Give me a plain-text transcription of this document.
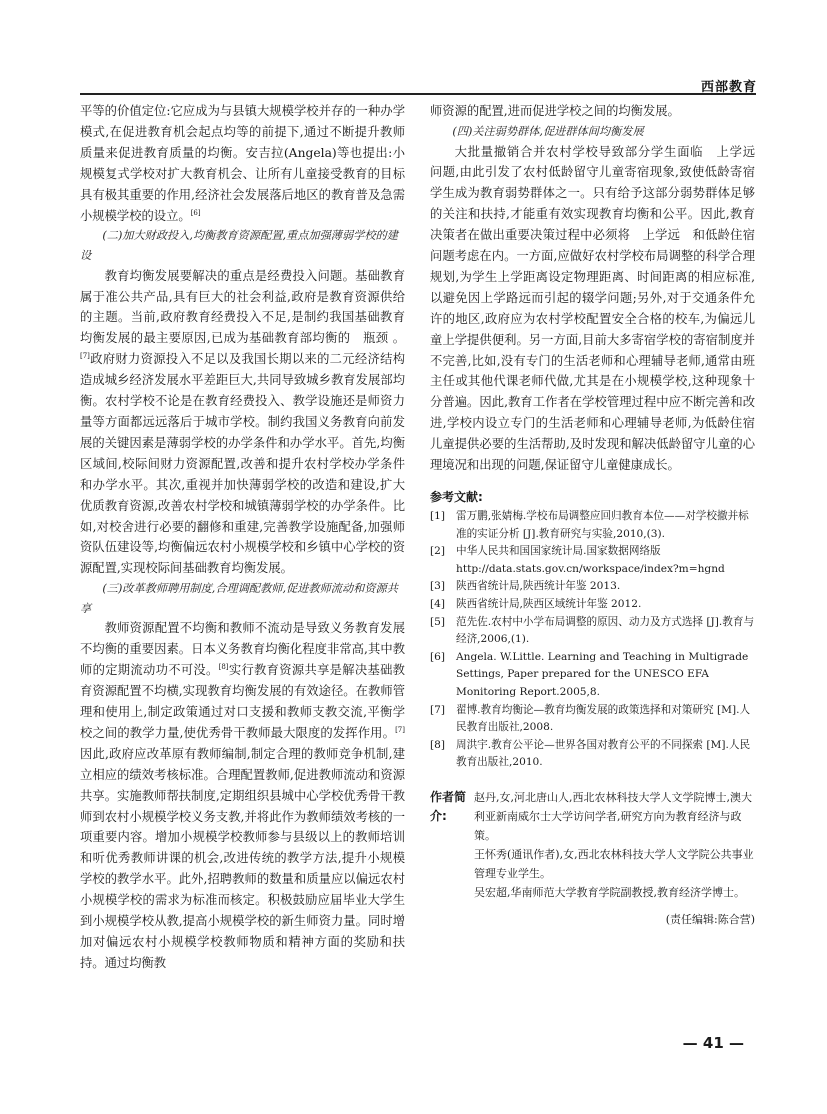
西部教育

平等的价值定位:它应成为与县镇大规模学校并存的一种办学模式,在促进教育机会起点均等的前提下,通过不断提升教师质量来促进教育质量的均衡。安吉拉(Angela)等也提出:小规模复式学校对扩大教育机会、让所有儿童接受教育的目标具有极其重要的作用,经济社会发展落后地区的教育普及急需小规模学校的设立。[6]

(二)加大财政投入,均衡教育资源配置,重点加强薄弱学校的建设

教育均衡发展要解决的重点是经费投入问题。基础教育属于准公共产品,具有巨大的社会利益,政府是教育资源供给的主题。当前,政府教育经费投入不足,是制约我国基础教育均衡发展的最主要原因,已成为基础教育部均衡的　瓶颈 。[7]政府财力资源投入不足以及我国长期以来的二元经济结构造成城乡经济发展水平差距巨大,共同导致城乡教育发展部均衡。农村学校不论是在教育经费投入、教学设施还是师资力量等方面都远远落后于城市学校。制约我国义务教育向前发展的关键因素是薄弱学校的办学条件和办学水平。首先,均衡区域间,校际间财力资源配置,改善和提升农村学校办学条件和办学水平。其次,重视并加快薄弱学校的改造和建设,扩大优质教育资源,改善农村学校和城镇薄弱学校的办学条件。比如,对校舍进行必要的翻修和重建,完善教学设施配备,加强师资队伍建设等,均衡偏远农村小规模学校和乡镇中心学校的资源配置,实现校际间基础教育均衡发展。

(三)改革教师聘用制度,合理调配教师,促进教师流动和资源共享

教师资源配置不均衡和教师不流动是导致义务教育发展不均衡的重要因素。日本义务教育均衡化程度非常高,其中教师的定期流动功不可没。[8]实行教育资源共享是解决基础教育资源配置不均横,实现教育均衡发展的有效途径。在教师管理和使用上,制定政策通过对口支援和教师支教交流,平衡学校之间的教学力量,使优秀骨干教师最大限度的发挥作用。[7]因此,政府应改革原有教师编制,制定合理的教师竞争机制,建立相应的绩效考核标准。合理配置教师,促进教师流动和资源共享。实施教师帮扶制度,定期组织县城中心学校优秀骨干教师到农村小规模学校义务支教,并将此作为教师绩效考核的一项重要内容。增加小规模学校教师参与县级以上的教师培训和听优秀教师讲课的机会,改进传统的教学方法,提升小规模学校的教学水平。此外,招聘教师的数量和质量应以偏远农村小规模学校的需求为标准而核定。积极鼓励应届毕业大学生到小规模学校从教,提高小规模学校的新生师资力量。同时增加对偏远农村小规模学校教师物质和精神方面的奖励和扶持。通过均衡教

师资源的配置,进而促进学校之间的均衡发展。

(四)关注弱势群体,促进群体间均衡发展

大批量撤销合并农村学校导致部分学生面临　上学远　问题,由此引发了农村低龄留守儿童寄宿现象,致使低龄寄宿学生成为教育弱势群体之一。只有给予这部分弱势群体足够的关注和扶持,才能重有效实现教育均衡和公平。因此,教育决策者在做出重要决策过程中必须将　上学远　和低龄住宿问题考虑在内。一方面,应做好农村学校布局调整的科学合理规划,为学生上学距离设定物理距离、时间距离的相应标准,以避免因上学路远而引起的辍学问题;另外,对于交通条件允许的地区,政府应为农村学校配置安全合格的校车,为偏远儿童上学提供便利。另一方面,目前大多寄宿学校的寄宿制度并不完善,比如,没有专门的生活老师和心理辅导老师,通常由班主任或其他代课老师代做,尤其是在小规模学校,这种现象十分普遍。因此,教育工作者在学校管理过程中应不断完善和改进,学校内设立专门的生活老师和心理辅导老师,为低龄住宿儿童提供必要的生活帮助,及时发现和解决低龄留守儿童的心理境况和出现的问题,保证留守儿童健康成长。

参考文献:
[1]	雷万鹏,张婧梅.学校布局调整应回归教育本位——对学校撤并标准的实证分析 [J].教育研究与实验,2010,(3).
[2]	中华人民共和国国家统计局.国家数据网络版 http://data.stats.gov.cn/workspace/index?m=hgnd
[3]	陕西省统计局,陕西统计年鉴 2013.
[4]	陕西省统计局,陕西区域统计年鉴 2012.
[5]	范先佐.农村中小学布局调整的原因、动力及方式选择 [J].教育与经济,2006,(1).
[6]	Angela. W.Little. Learning and Teaching in Multigrade Settings, Paper prepared for the UNESCO EFA Monitoring Report.2005,8.
[7]	翟博.教育均衡论—教育均衡发展的政策选择和对策研究 [M].人民教育出版社,2008.
[8]	周洪宇.教育公平论—世界各国对教育公平的不同探索 [M].人民教育出版社,2010.
作者简介:

赵丹,女,河北唐山人,西北农林科技大学人文学院博士,澳大利亚新南威尔士大学访问学者,研究方向为教育经济与政策。

王怀秀(通讯作者),女,西北农林科技大学人文学院公共事业管理专业学生。

吴宏超,华南师范大学教育学院副教授,教育经济学博士。

(责任编辑:陈合营)
— 41 —
